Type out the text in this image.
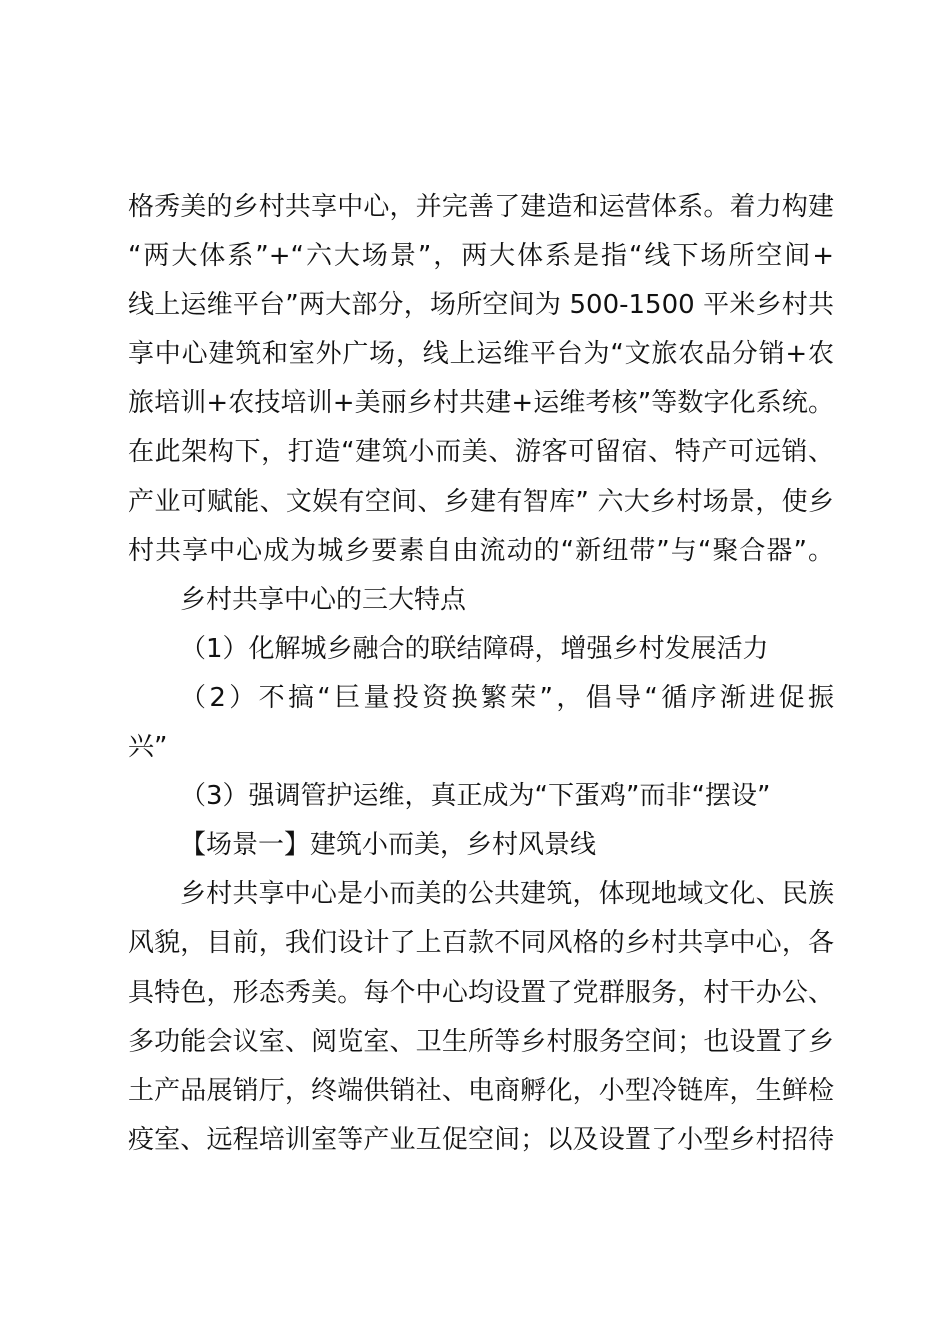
格秀美的乡村共享中心，并完善了建造和运营体系。着力构建
“两大体系”+“六大场景”，两大体系是指“线下场所空间+
线上运维平台”两大部分，场所空间为 500-1500 平米乡村共
享中心建筑和室外广场，线上运维平台为“文旅农品分销+农
旅培训+农技培训+美丽乡村共建+运维考核”等数字化系统。
在此架构下，打造“建筑小而美、游客可留宿、特产可远销、
产业可赋能、文娱有空间、乡建有智库” 六大乡村场景，使乡
村共享中心成为城乡要素自由流动的“新纽带”与“聚合器”。
乡村共享中心的三大特点
（1）化解城乡融合的联结障碍，增强乡村发展活力
（2）不搞“巨量投资换繁荣”，倡导“循序渐进促振
兴”
（3）强调管护运维，真正成为“下蛋鸡”而非“摆设”
【场景一】建筑小而美，乡村风景线
乡村共享中心是小而美的公共建筑，体现地域文化、民族
风貌，目前，我们设计了上百款不同风格的乡村共享中心，各
具特色，形态秀美。每个中心均设置了党群服务，村干办公、
多功能会议室、阅览室、卫生所等乡村服务空间；也设置了乡
土产品展销厅，终端供销社、电商孵化，小型冷链库，生鲜检
疫室、远程培训室等产业互促空间；以及设置了小型乡村招待
